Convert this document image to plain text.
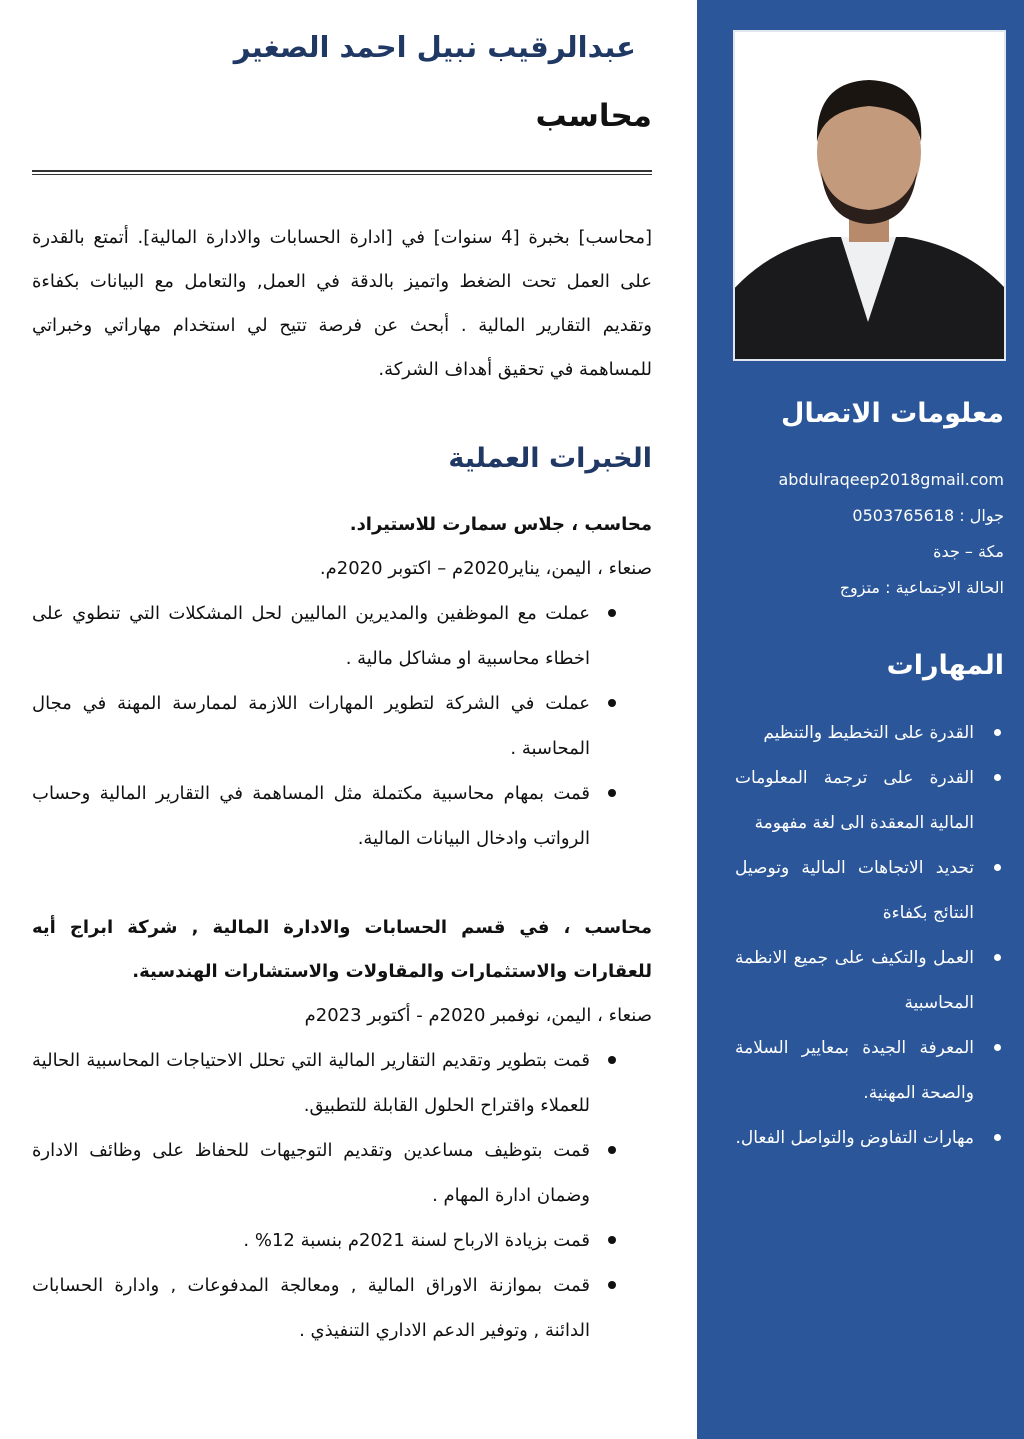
عبدالرقيب نبيل احمد الصغير
محاسب

[محاسب] بخبرة [4 سنوات] في [ادارة الحسابات والادارة المالية]. أتمتع بالقدرة على العمل تحت الضغط واتميز بالدقة في العمل, والتعامل مع البيانات بكفاءة وتقديم التقارير المالية . أبحث عن فرصة تتيح لي استخدام مهاراتي وخبراتي للمساهمة في تحقيق أهداف الشركة.

الخبرات العملية
محاسب ، جلاس سمارت للاستيراد.
صنعاء ، اليمن، يناير2020م – اكتوبر 2020م.
عملت مع الموظفين والمديرين الماليين لحل المشكلات التي تنطوي على اخطاء محاسبية او مشاكل مالية .
عملت في الشركة لتطوير المهارات اللازمة لممارسة المهنة في مجال المحاسبة .
قمت بمهام محاسبية مكتملة مثل المساهمة في التقارير المالية وحساب الرواتب وادخال البيانات المالية.
محاسب ، في قسم الحسابات والادارة المالية , شركة ابراج أيه للعقارات والاستثمارات والمقاولات والاستشارات الهندسية.
صنعاء ، اليمن، نوفمبر 2020م - أكتوبر 2023م
قمت بتطوير وتقديم التقارير المالية التي تحلل الاحتياجات المحاسبية الحالية للعملاء واقتراح الحلول القابلة للتطبيق.
قمت بتوظيف مساعدين وتقديم التوجيهات للحفاظ على وظائف الادارة وضمان ادارة المهام .
قمت بزيادة الارباح لسنة 2021م بنسبة 12% .
قمت بموازنة الاوراق المالية , ومعالجة المدفوعات , وادارة الحسابات الدائنة , وتوفير الدعم الاداري التنفيذي .
معلومات الاتصال
abdulraqeep2018gmail.com
جوال : 0503765618
مكة – جدة
الحالة الاجتماعية : متزوج
المهارات
القدرة على التخطيط والتنظيم
القدرة على ترجمة المعلومات المالية المعقدة الى لغة مفهومة
تحديد الاتجاهات المالية وتوصيل النتائج بكفاءة
العمل والتكيف على جميع الانظمة المحاسبية
المعرفة الجيدة بمعايير السلامة والصحة المهنية.
مهارات التفاوض والتواصل الفعال.
